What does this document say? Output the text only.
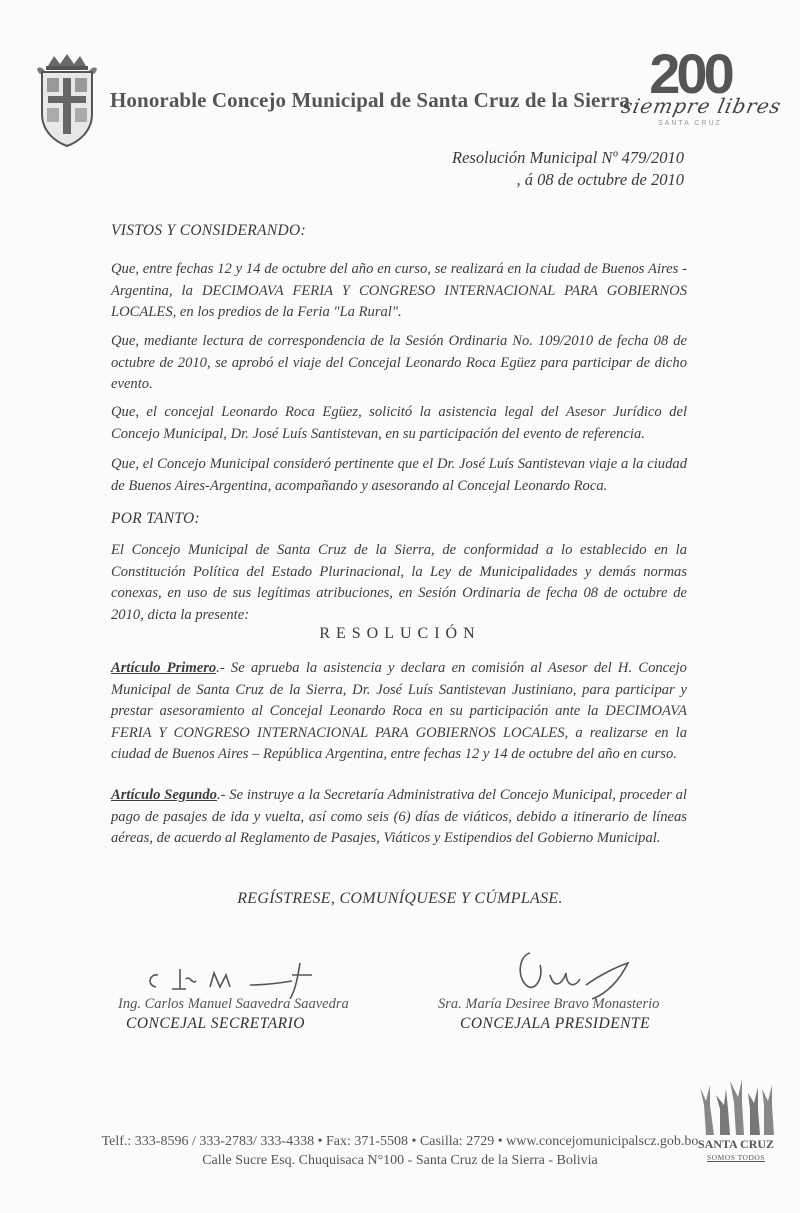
Honorable Concejo Municipal de Santa Cruz de la Sierra 200
siempre libres
SANTA CRUZ
Resolución Municipal Nº 479/2010
, á 08 de octubre de 2010
VISTOS Y CONSIDERANDO:
Que, entre fechas 12 y 14 de octubre del año en curso, se realizará en la ciudad de Buenos Aires - Argentina, la DECIMOAVA FERIA Y CONGRESO INTERNACIONAL PARA GOBIERNOS LOCALES, en los predios de la Feria "La Rural".
Que, mediante lectura de correspondencia de la Sesión Ordinaria No. 109/2010 de fecha 08 de octubre de 2010, se aprobó el viaje del Concejal Leonardo Roca Egüez para participar de dicho evento.
Que, el concejal Leonardo Roca Egüez, solicitó la asistencia legal del Asesor Jurídico del Concejo Municipal, Dr. José Luís Santistevan, en su participación del evento de referencia.
Que, el Concejo Municipal consideró pertinente que el Dr. José Luís Santistevan viaje a la ciudad de Buenos Aires-Argentina, acompañando y asesorando al Concejal Leonardo Roca.
POR TANTO:
El Concejo Municipal de Santa Cruz de la Sierra, de conformidad a lo establecido en la Constitución Política del Estado Plurinacional, la Ley de Municipalidades y demás normas conexas, en uso de sus legítimas atribuciones, en Sesión Ordinaria de fecha 08 de octubre de 2010, dicta la presente:
RESOLUCIÓN
Artículo Primero.- Se aprueba la asistencia y declara en comisión al Asesor del H. Concejo Municipal de Santa Cruz de la Sierra, Dr. José Luís Santistevan Justiniano, para participar y prestar asesoramiento al Concejal Leonardo Roca en su participación ante la DECIMOAVA FERIA Y CONGRESO INTERNACIONAL PARA GOBIERNOS LOCALES, a realizarse en la ciudad de Buenos Aires – República Argentina, entre fechas 12 y 14 de octubre del año en curso.
Artículo Segundo.- Se instruye a la Secretaría Administrativa del Concejo Municipal, proceder al pago de pasajes de ida y vuelta, así como seis (6) días de viáticos, debido a itinerario de líneas aéreas, de acuerdo al Reglamento de Pasajes, Viáticos y Estipendios del Gobierno Municipal.
REGÍSTRESE, COMUNÍQUESE Y CÚMPLASE.
Ing. Carlos Manuel Saavedra Saavedra
CONCEJAL SECRETARIO
Sra. María Desiree Bravo Monasterio
CONCEJALA PRESIDENTE
Telf.: 333-8596 / 333-2783/ 333-4338 • Fax: 371-5508 • Casilla: 2729 • www.concejomunicipalscz.gob.bo
Calle Sucre Esq. Chuquisaca N°100 - Santa Cruz de la Sierra - Bolivia
SANTA CRUZ
SOMOS TODOS
